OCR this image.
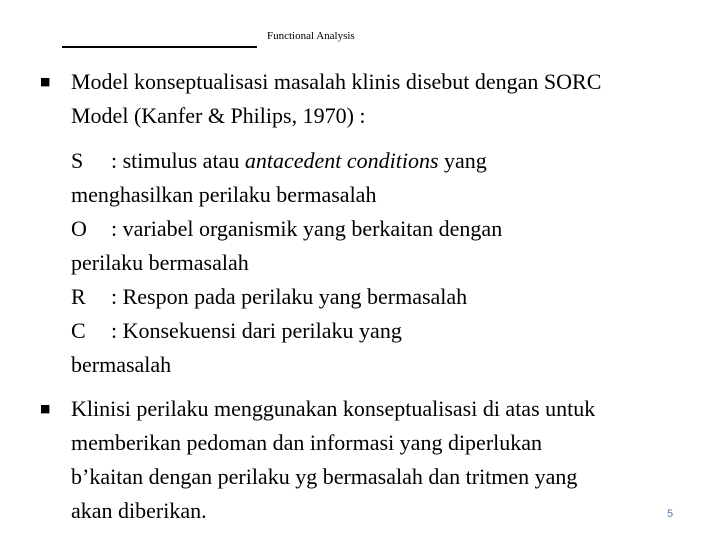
Functional Analysis
■ Model konseptualisasi masalah klinis disebut dengan SORC
Model (Kanfer & Philips, 1970) :
S : stimulus atau antacedent conditions yang
menghasilkan perilaku bermasalah
O : variabel organismik yang berkaitan dengan
perilaku bermasalah
R : Respon pada perilaku yang bermasalah
C : Konsekuensi dari perilaku yang
bermasalah
■ Klinisi perilaku menggunakan konseptualisasi di atas untuk
memberikan pedoman dan informasi yang diperlukan
b’kaitan dengan perilaku yg bermasalah dan tritmen yang
akan diberikan.	5
